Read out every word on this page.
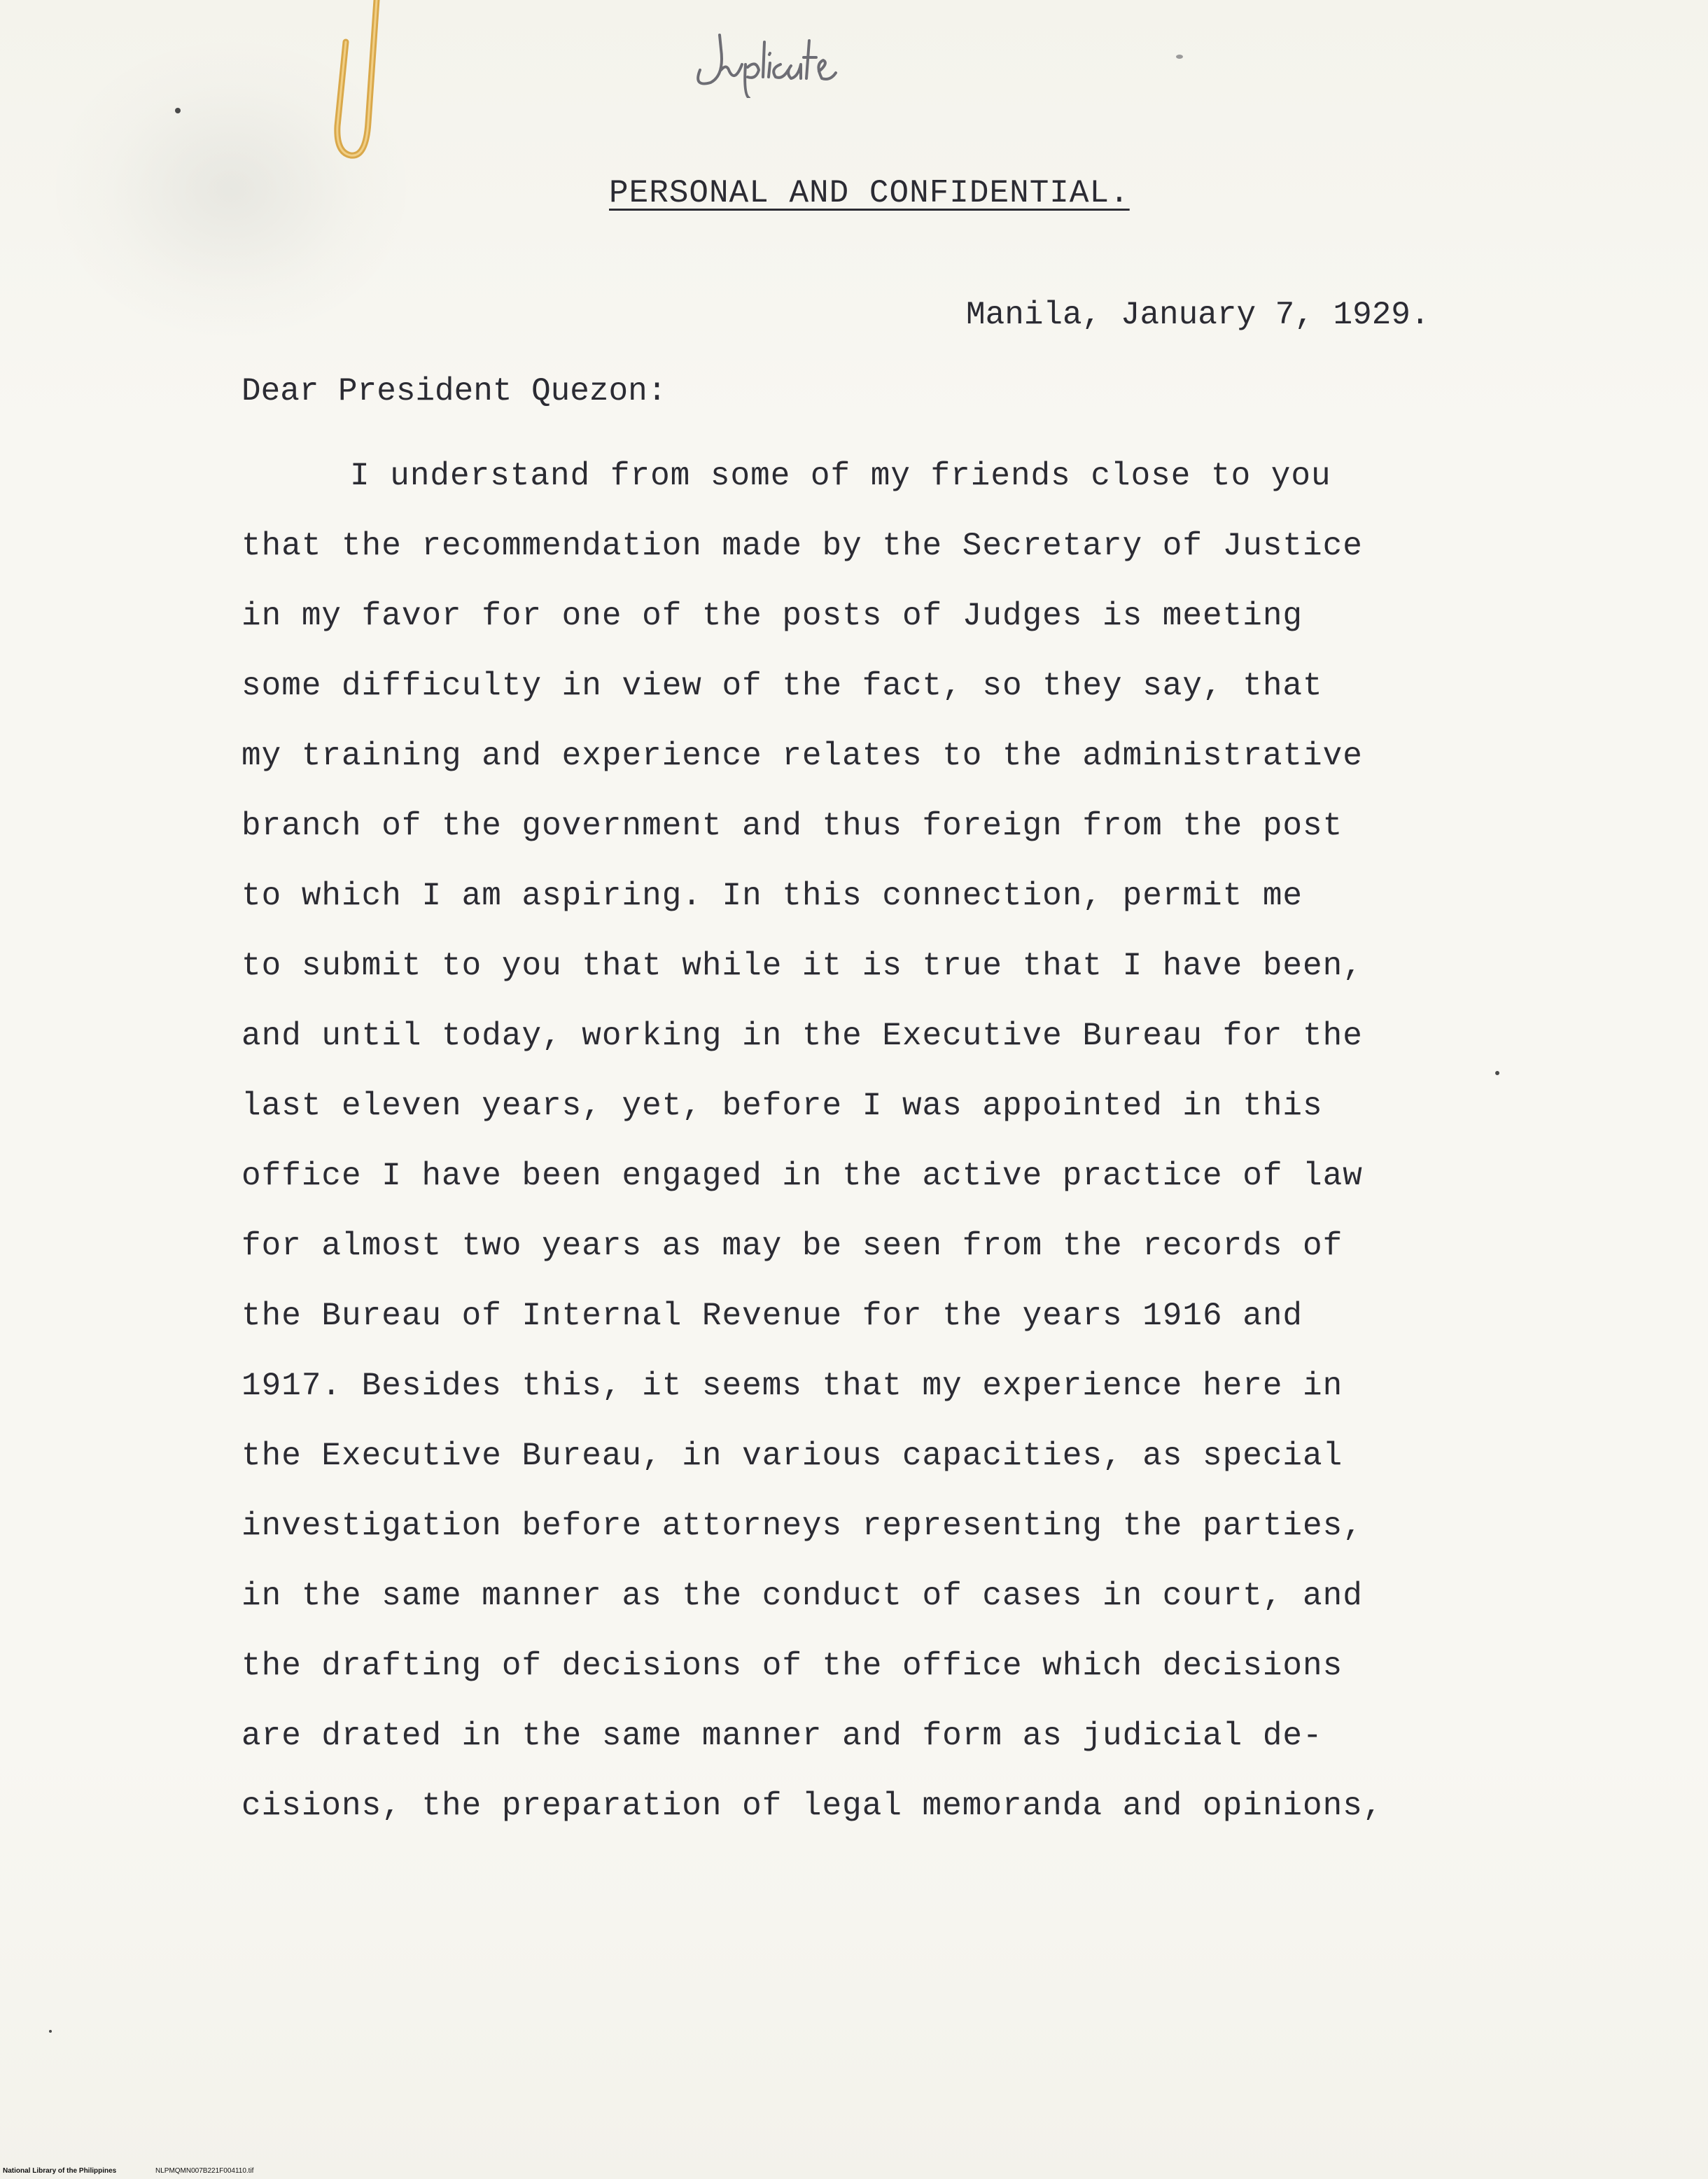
PERSONAL AND CONFIDENTIAL.
Manila, January 7, 1929.
Dear President Quezon:
I understand from some of my friends close to you
that the recommendation made by the Secretary of Justice
in my favor for one of the posts of Judges is meeting
some difficulty in view of the fact, so they say, that
my training and experience relates to the administrative
branch of the government and thus foreign from the post
to which I am aspiring. In this connection, permit me
to submit to you that while it is true that I have been,
and until today, working in the Executive Bureau for the
last eleven years, yet, before I was appointed in this
office I have been engaged in the active practice of law
for almost two years as may be seen from the records of
the Bureau of Internal Revenue for the years 1916 and
1917. Besides this, it seems that my experience here in
the Executive Bureau, in various capacities, as special
investigation before attorneys representing the parties,
in the same manner as the conduct of cases in court, and
the drafting of decisions of the office which decisions
are drated in the same manner and form as judicial de-
cisions, the preparation of legal memoranda and opinions,
National Library of the Philippines	NLPMQMN007B221F004110.tif
